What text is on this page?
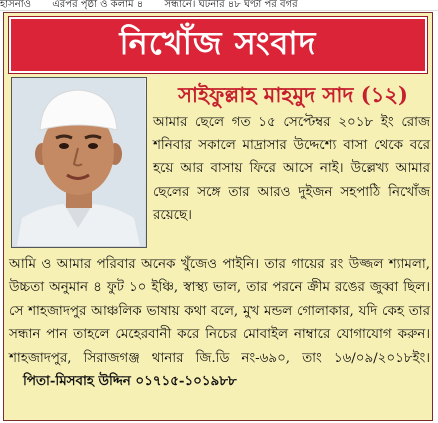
হাসনাও এরপর পৃষ্ঠা ও কলাম ৪ সন্ধানে। ঘটনার ৪৮ ঘণ্টা পর বগর
নিখোঁজ সংবাদ
সাইফুল্লাহ মাহমুদ সাদ (১২)
আমার ছেলে গত ১৫ সেপ্টেম্বর ২০১৮ ইং রোজ শনিবার সকালে মাদ্রাসার উদ্দেশ্যে বাসা থেকে বরে হয়ে আর বাসায় ফিরে আসে নাই। উল্লেখ্য আমার ছেলের সঙ্গে তার আরও দুইজন সহপাঠি নিখোঁজ রয়েছে।
আমি ও আমার পরিবার অনেক খুঁজেও পাইনি। তার গায়ের রং উজ্জল শ্যামলা, উচ্চতা অনুমান ৪ ফুট ১০ ইঞ্চি, স্বাস্থ্য ভাল, তার পরনে ক্রীম রঙের জুব্বা ছিল। সে শাহজাদপুর আঞ্চলিক ভাষায় কথা বলে, মুখ মন্ডল গোলাকার, যদি কেহ তার সন্ধান পান তাহলে মেহেরবানী করে নিচের মোবাইল নাম্বারে যোগাযোগ করুন। শাহজাদপুর, সিরাজগঞ্জ থানার জি.ডি নং-৬৯০, তাং ১৬/০৯/২০১৮ইং। পিতা-মিসবাহ উদ্দিন ০১৭১৫-১০১৯৮৮
